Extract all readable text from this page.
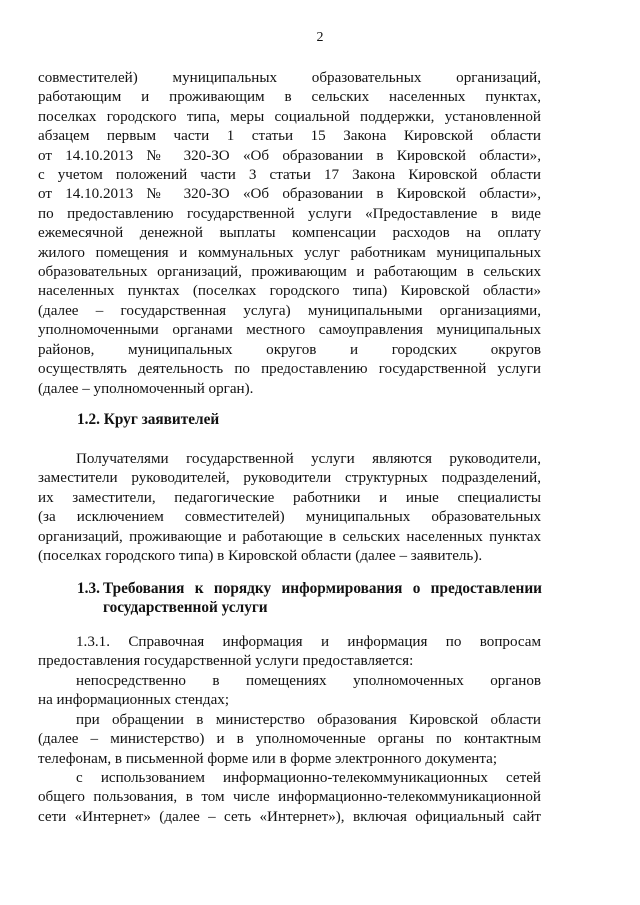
2
совместителей) муниципальных образовательных организаций,
работающим и проживающим в сельских населенных пунктах,
поселках городского типа, меры социальной поддержки, установленной
абзацем первым части 1 статьи 15 Закона Кировской области
от 14.10.2013 № 320-ЗО «Об образовании в Кировской области»,
с учетом положений части 3 статьи 17 Закона Кировской области
от 14.10.2013 № 320-ЗО «Об образовании в Кировской области»,
по предоставлению государственной услуги «Предоставление в виде
ежемесячной денежной выплаты компенсации расходов на оплату
жилого помещения и коммунальных услуг работникам муниципальных
образовательных организаций, проживающим и работающим в сельских
населенных пунктах (поселках городского типа) Кировской области»
(далее – государственная услуга) муниципальными организациями,
уполномоченными органами местного самоуправления муниципальных
районов, муниципальных округов и городских округов
осуществлять деятельность по предоставлению государственной услуги
(далее – уполномоченный орган).
1.2. Круг заявителей
Получателями государственной услуги являются руководители,
заместители руководителей, руководители структурных подразделений,
их заместители, педагогические работники и иные специалисты
(за исключением совместителей) муниципальных образовательных
организаций, проживающие и работающие в сельских населенных пунктах
(поселках городского типа) в Кировской области (далее – заявитель).
1.3. Требования к порядку информирования о предоставлении
государственной услуги
1.3.1. Справочная информация и информация по вопросам
предоставления государственной услуги предоставляется:
непосредственно в помещениях уполномоченных органов
на информационных стендах;
при обращении в министерство образования Кировской области
(далее – министерство) и в уполномоченные органы по контактным
телефонам, в письменной форме или в форме электронного документа;
с использованием информационно-телекоммуникационных сетей
общего пользования, в том числе информационно-телекоммуникационной
сети «Интернет» (далее – сеть «Интернет»), включая официальный сайт
